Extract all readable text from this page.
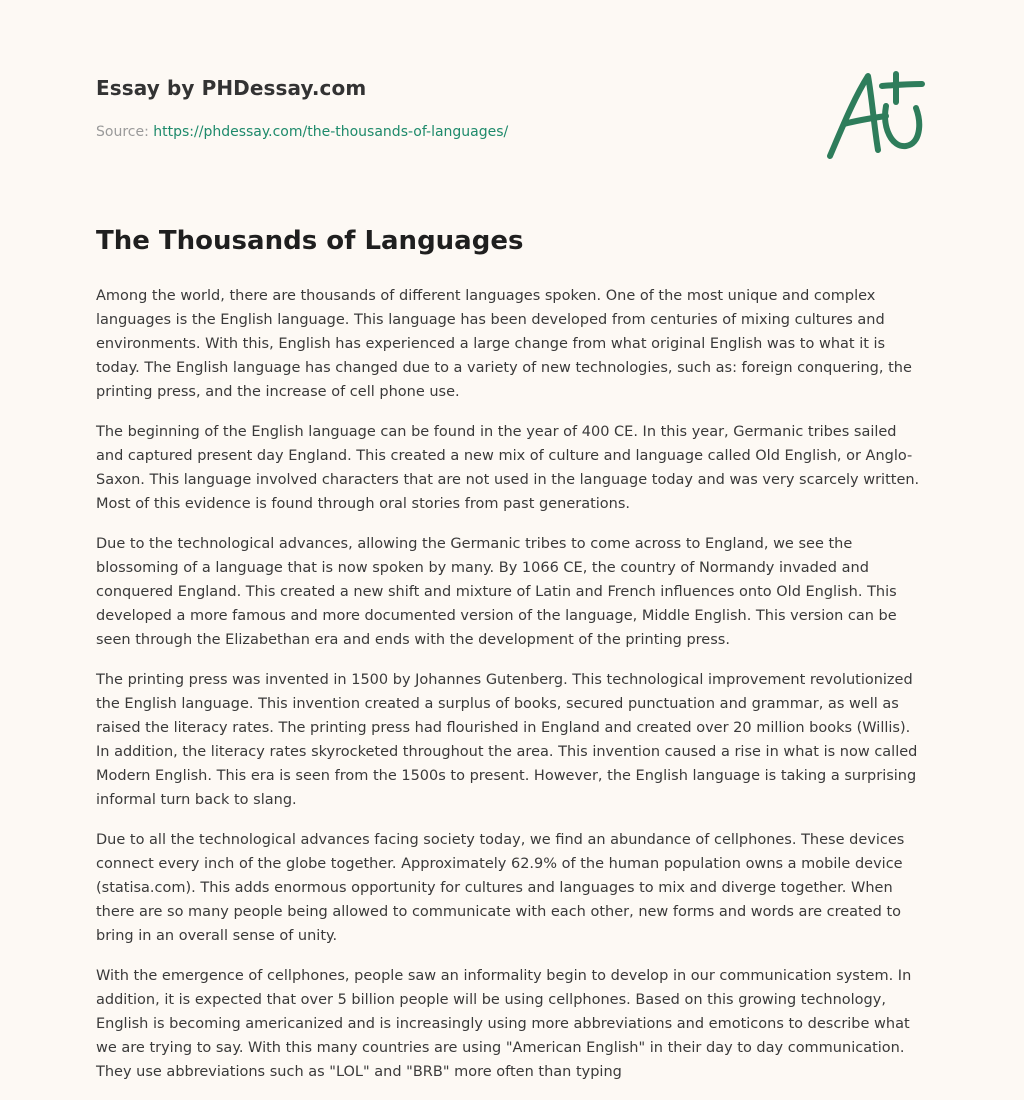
Essay by PHDessay.com
Source: https://phdessay.com/the-thousands-of-languages/
The Thousands of Languages

Among the world, there are thousands of different languages spoken. One of the most unique and complex languages is the English language. This language has been developed from centuries of mixing cultures and environments. With this, English has experienced a large change from what original English was to what it is today. The English language has changed due to a variety of new technologies, such as: foreign conquering, the printing press, and the increase of cell phone use.

The beginning of the English language can be found in the year of 400 CE. In this year, Germanic tribes sailed and captured present day England. This created a new mix of culture and language called Old English, or Anglo-Saxon. This language involved characters that are not used in the language today and was very scarcely written. Most of this evidence is found through oral stories from past generations.

Due to the technological advances, allowing the Germanic tribes to come across to England, we see the blossoming of a language that is now spoken by many. By 1066 CE, the country of Normandy invaded and conquered England. This created a new shift and mixture of Latin and French influences onto Old English. This developed a more famous and more documented version of the language, Middle English. This version can be seen through the Elizabethan era and ends with the development of the printing press.

The printing press was invented in 1500 by Johannes Gutenberg. This technological improvement revolutionized the English language. This invention created a surplus of books, secured punctuation and grammar, as well as raised the literacy rates. The printing press had flourished in England and created over 20 million books (Willis). In addition, the literacy rates skyrocketed throughout the area. This invention caused a rise in what is now called Modern English. This era is seen from the 1500s to present. However, the English language is taking a surprising informal turn back to slang.

Due to all the technological advances facing society today, we find an abundance of cellphones. These devices connect every inch of the globe together. Approximately 62.9% of the human population owns a mobile device (statisa.com). This adds enormous opportunity for cultures and languages to mix and diverge together. When there are so many people being allowed to communicate with each other, new forms and words are created to bring in an overall sense of unity.

With the emergence of cellphones, people saw an informality begin to develop in our communication system. In addition, it is expected that over 5 billion people will be using cellphones. Based on this growing technology, English is becoming americanized and is increasingly using more abbreviations and emoticons to describe what we are trying to say. With this many countries are using "American English" in their day to day communication. They use abbreviations such as "LOL" and "BRB" more often than typing
